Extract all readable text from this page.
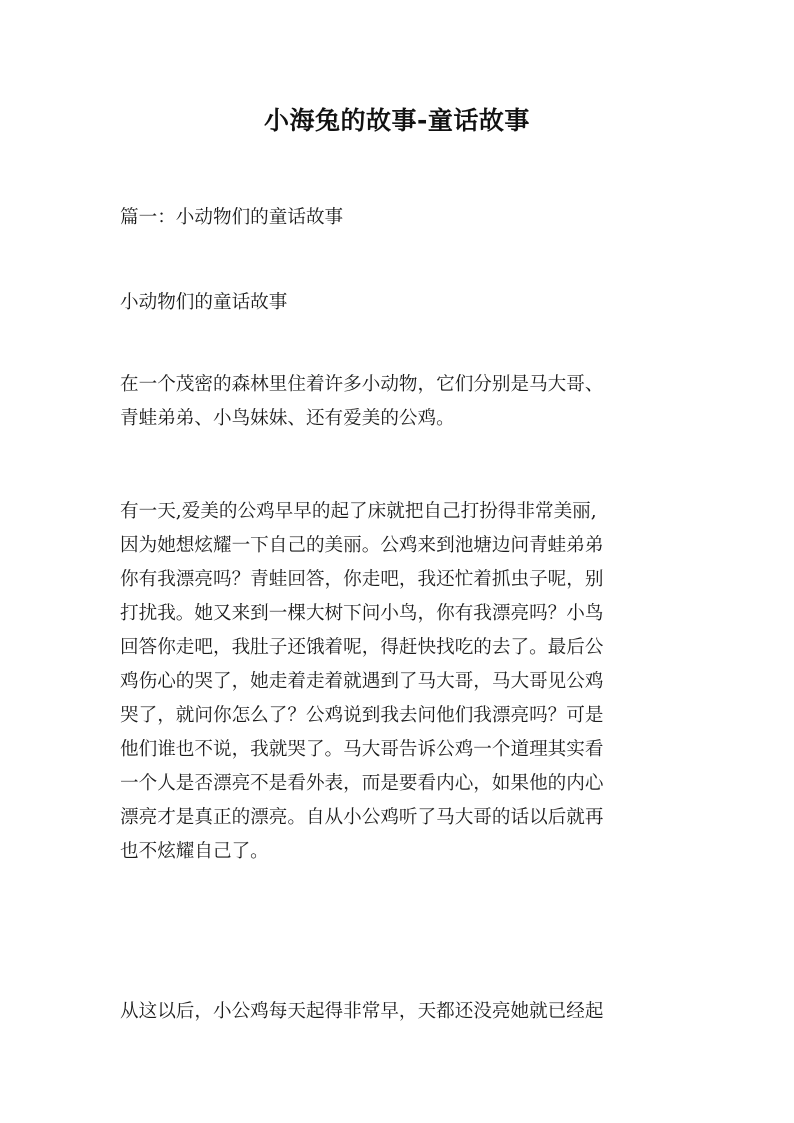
小海兔的故事-童话故事

篇一：小动物们的童话故事

小动物们的童话故事

在一个茂密的森林里住着许多小动物，它们分别是马大哥、
青蛙弟弟、小鸟妹妹、还有爱美的公鸡。
有一天,爱美的公鸡早早的起了床就把自己打扮得非常美丽,
因为她想炫耀一下自己的美丽。公鸡来到池塘边问青蛙弟弟
你有我漂亮吗？青蛙回答，你走吧，我还忙着抓虫子呢，别
打扰我。她又来到一棵大树下问小鸟，你有我漂亮吗？小鸟
回答你走吧，我肚子还饿着呢，得赶快找吃的去了。最后公
鸡伤心的哭了，她走着走着就遇到了马大哥，马大哥见公鸡
哭了，就问你怎么了？公鸡说到我去问他们我漂亮吗？可是
他们谁也不说，我就哭了。马大哥告诉公鸡一个道理其实看
一个人是否漂亮不是看外表，而是要看内心，如果他的内心
漂亮才是真正的漂亮。自从小公鸡听了马大哥的话以后就再
也不炫耀自己了。
从这以后，小公鸡每天起得非常早，天都还没亮她就已经起
